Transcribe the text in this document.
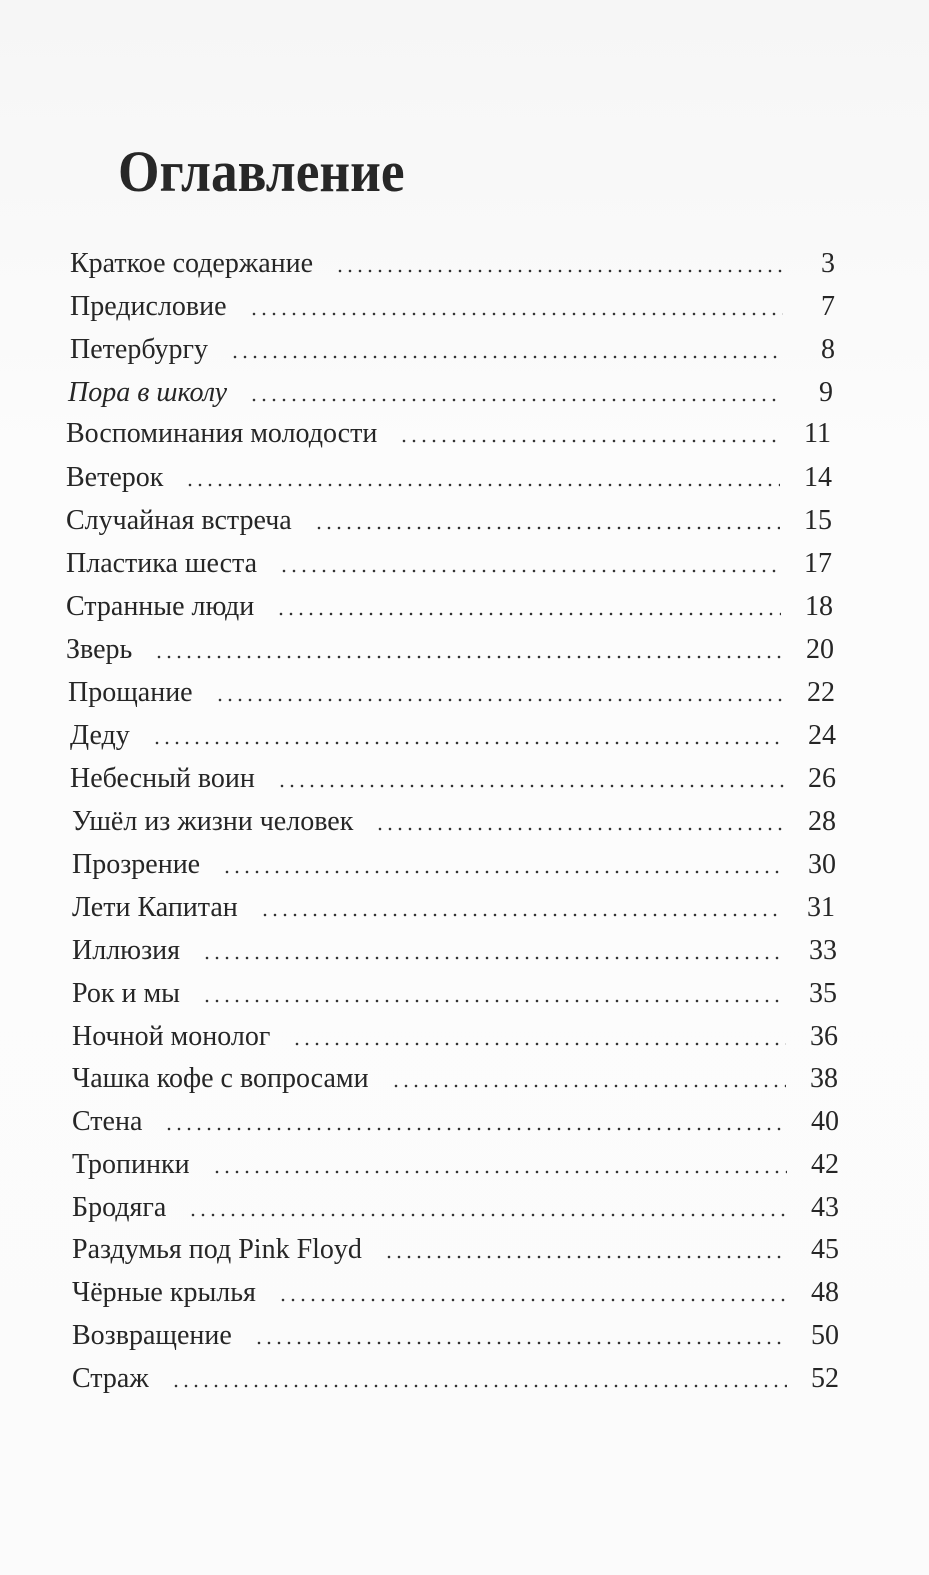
Оглавление
Краткое содержание	3
Предисловие	7
Петербургу	8
Пора в школу	9
Воспоминания молодости	11
Ветерок	14
Случайная встреча	15
Пластика шеста	17
Странные люди	18
Зверь	20
Прощание	22
Деду	24
Небесный воин	26
Ушёл из жизни человек	28
Прозрение	30
Лети Капитан	31
Иллюзия	33
Рок и мы	35
Ночной монолог	36
Чашка кофе с вопросами	38
Стена	40
Тропинки	42
Бродяга	43
Раздумья под Pink Floyd	45
Чёрные крылья	48
Возвращение	50
Страж	52
